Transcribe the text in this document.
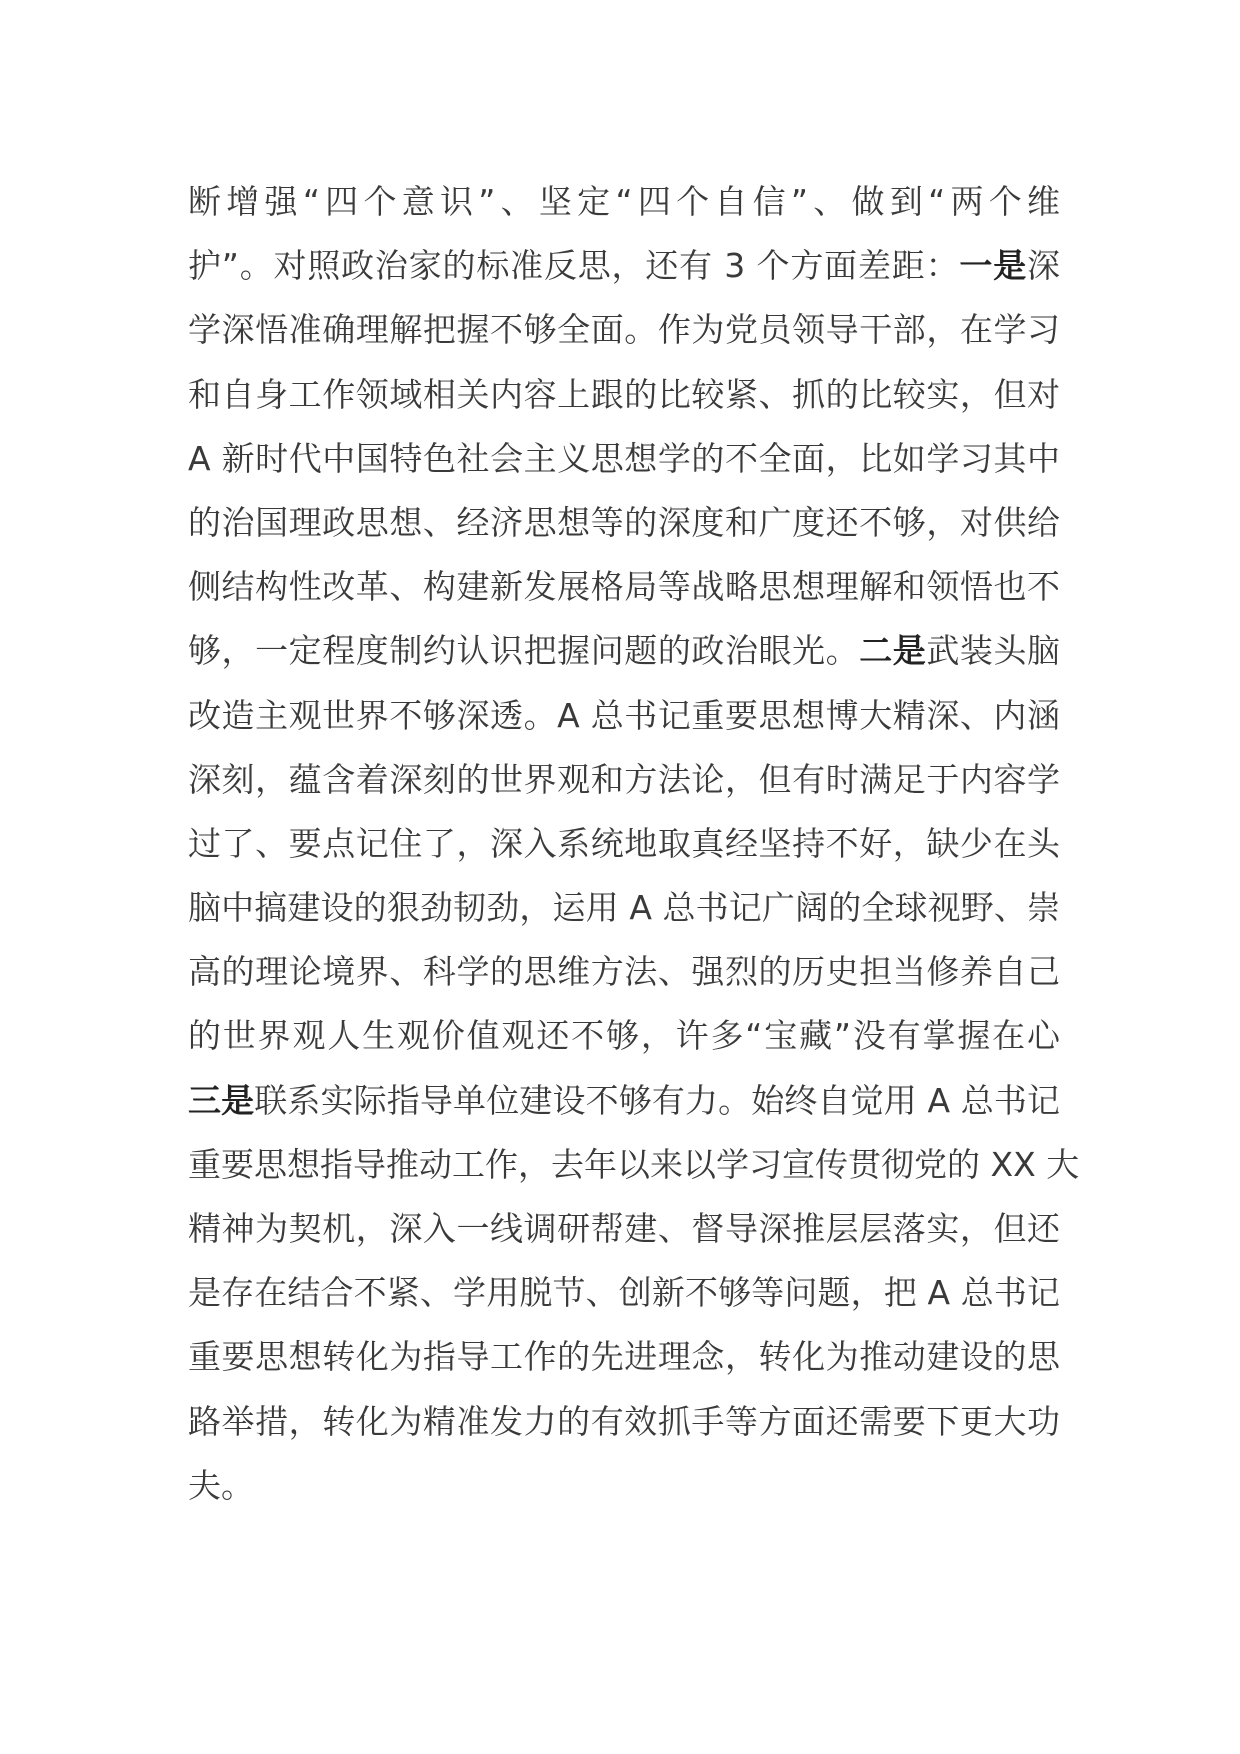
断增强“四个意识”、坚定“四个自信”、做到“两个维
护”。对照政治家的标准反思，还有 3 个方面差距：一是深
学深悟准确理解把握不够全面。作为党员领导干部，在学习
和自身工作领域相关内容上跟的比较紧、抓的比较实，但对
A 新时代中国特色社会主义思想学的不全面，比如学习其中
的治国理政思想、经济思想等的深度和广度还不够，对供给
侧结构性改革、构建新发展格局等战略思想理解和领悟也不
够，一定程度制约认识把握问题的政治眼光。二是武装头脑
改造主观世界不够深透。A 总书记重要思想博大精深、内涵
深刻，蕴含着深刻的世界观和方法论，但有时满足于内容学
过了、要点记住了，深入系统地取真经坚持不好，缺少在头
脑中搞建设的狠劲韧劲，运用 A 总书记广阔的全球视野、崇
高的理论境界、科学的思维方法、强烈的历史担当修养自己
的世界观人生观价值观还不够，许多“宝藏”没有掌握在心
三是联系实际指导单位建设不够有力。始终自觉用 A 总书记
重要思想指导推动工作，去年以来以学习宣传贯彻党的 XX 大
精神为契机，深入一线调研帮建、督导深推层层落实，但还
是存在结合不紧、学用脱节、创新不够等问题，把 A 总书记
重要思想转化为指导工作的先进理念，转化为推动建设的思
路举措，转化为精准发力的有效抓手等方面还需要下更大功
夫。
